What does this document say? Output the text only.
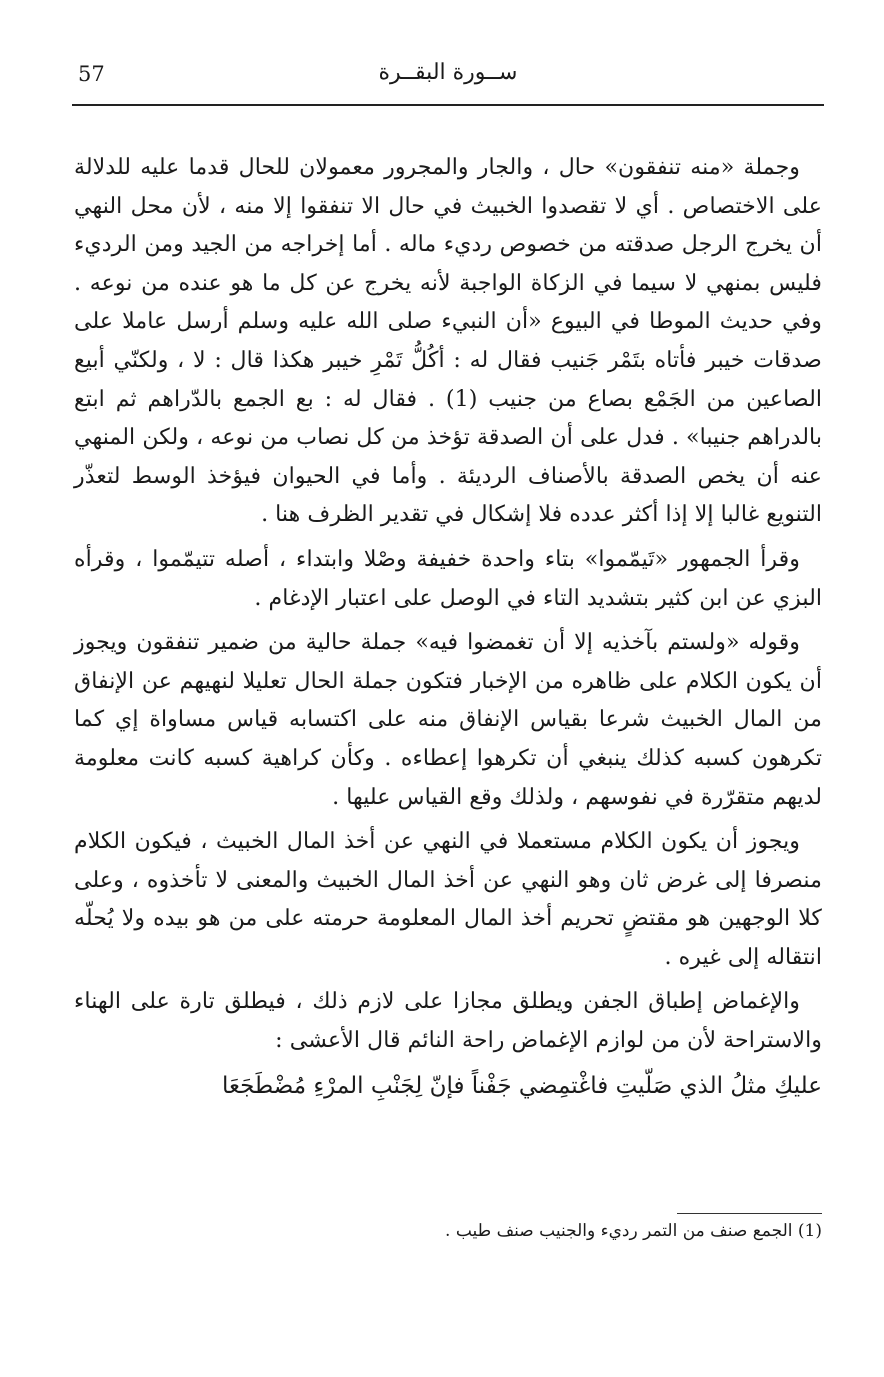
57	ســورة البقــرة

وجملة «منه تنفقون» حال ، والجار والمجرور معمولان للحال قدما عليه للدلالة على الاختصاص . أي لا تقصدوا الخبيث في حال الا تنفقوا إلا منه ، لأن محل النهي أن يخرج الرجل صدقته من خصوص رديء ماله . أما إخراجه من الجيد ومن الرديء فليس بمنهي لا سيما في الزكاة الواجبة لأنه يخرج عن كل ما هو عنده من نوعه . وفي حديث الموطا في البيوع «أن النبيء صلى الله عليه وسلم أرسل عاملا على صدقات خيبر فأتاه بتَمْر جَنيب فقال له : أكُلُّ تَمْرِ خيبر هكذا قال : لا ، ولكنّي أبيع الصاعين من الجَمْع بصاع من جنيب (1) . فقال له : بع الجمع بالدّراهم ثم ابتع بالدراهم جنيبا» . فدل على أن الصدقة تؤخذ من كل نصاب من نوعه ، ولكن المنهي عنه أن يخص الصدقة بالأصناف الرديئة . وأما في الحيوان فيؤخذ الوسط لتعذّر التنويع غالبا إلا إذا أكثر عدده فلا إشكال في تقدير الظرف هنا .

وقرأ الجمهور «تَيمّموا» بتاء واحدة خفيفة وصْلا وابتداء ، أصله تتيمّموا ، وقرأه البزي عن ابن كثير بتشديد التاء في الوصل على اعتبار الإدغام .

وقوله «ولستم بآخذيه إلا أن تغمضوا فيه» جملة حالية من ضمير تنفقون ويجوز أن يكون الكلام على ظاهره من الإخبار فتكون جملة الحال تعليلا لنهيهم عن الإنفاق من المال الخبيث شرعا بقياس الإنفاق منه على اكتسابه قياس مساواة إي كما تكرهون كسبه كذلك ينبغي أن تكرهوا إعطاءه . وكأن كراهية كسبه كانت معلومة لديهم متقرّرة في نفوسهم ، ولذلك وقع القياس عليها .

ويجوز أن يكون الكلام مستعملا في النهي عن أخذ المال الخبيث ، فيكون الكلام منصرفا إلى غرض ثان وهو النهي عن أخذ المال الخبيث والمعنى لا تأخذوه ، وعلى كلا الوجهين هو مقتضٍ تحريم أخذ المال المعلومة حرمته على من هو بيده ولا يُحلّه انتقاله إلى غيره .

والإغماض إطباق الجفن ويطلق مجازا على لازم ذلك ، فيطلق تارة على الهناء والاستراحة لأن من لوازم الإغماض راحة النائم قال الأعشى :

عليكِ مثلُ الذي صَلّيتِ فاغْتمِضي جَفْناً فإنّ لِجَنْبِ المرْءِ مُضْطَجَعَا

(1) الجمع صنف من التمر رديء والجنيب صنف طيب .
